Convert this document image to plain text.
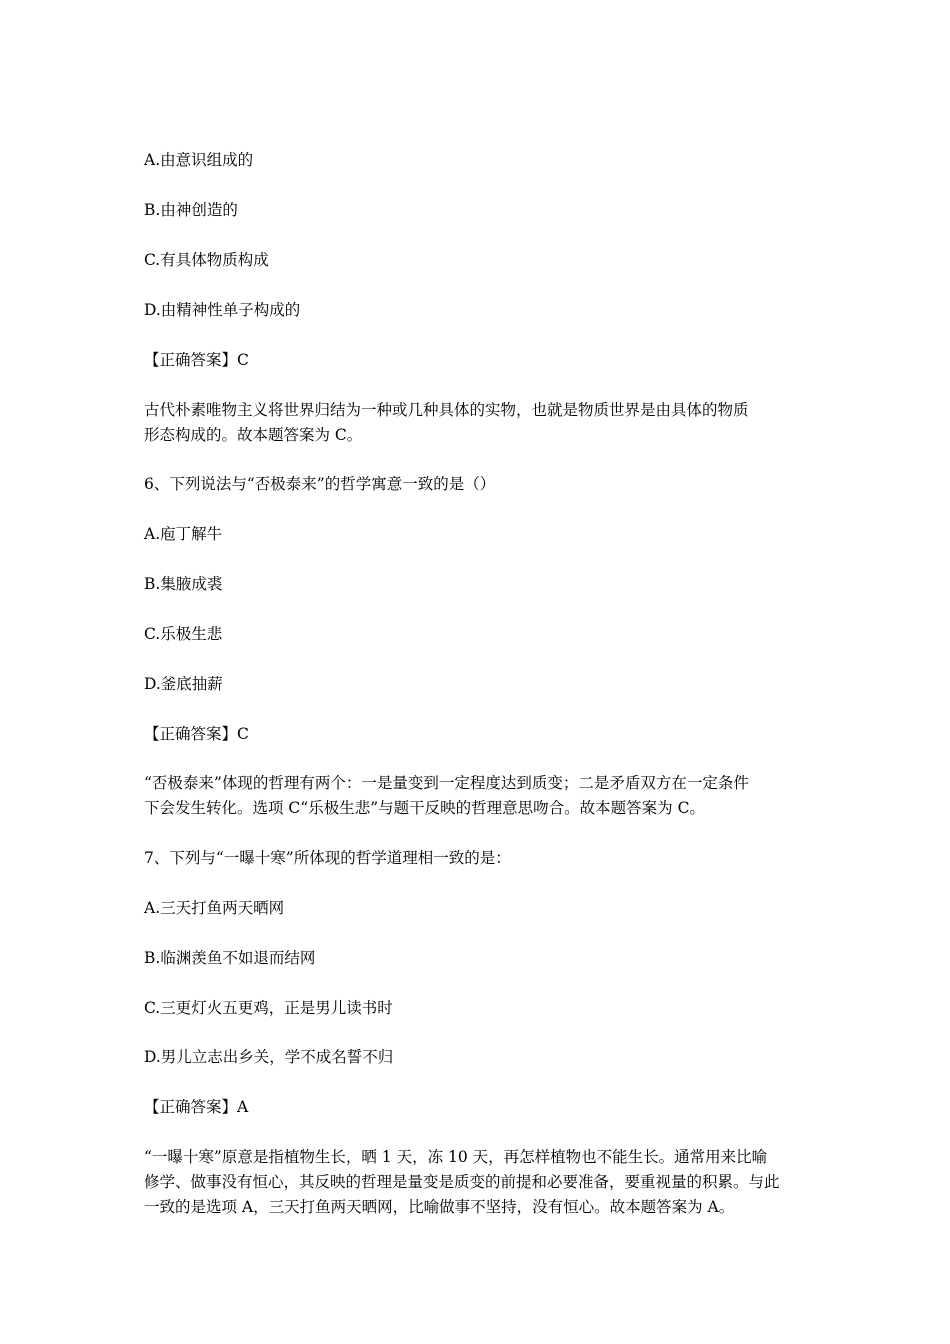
A.由意识组成的
B.由神创造的
C.有具体物质构成
D.由精神性单子构成的
【正确答案】C
古代朴素唯物主义将世界归结为一种或几种具体的实物，也就是物质世界是由具体的物质
形态构成的。故本题答案为 C。
6、下列说法与“否极泰来”的哲学寓意一致的是（）
A.庖丁解牛
B.集腋成裘
C.乐极生悲
D.釜底抽薪
【正确答案】C
“否极泰来”体现的哲理有两个：一是量变到一定程度达到质变；二是矛盾双方在一定条件
下会发生转化。选项 C“乐极生悲”与题干反映的哲理意思吻合。故本题答案为 C。
7、下列与“一曝十寒”所体现的哲学道理相一致的是：
A.三天打鱼两天晒网
B.临渊羡鱼不如退而结网
C.三更灯火五更鸡，正是男儿读书时
D.男儿立志出乡关，学不成名誓不归
【正确答案】A
“一曝十寒”原意是指植物生长，晒 1 天，冻 10 天，再怎样植物也不能生长。通常用来比喻
修学、做事没有恒心，其反映的哲理是量变是质变的前提和必要准备，要重视量的积累。与此
一致的是选项 A，三天打鱼两天晒网，比喻做事不坚持，没有恒心。故本题答案为 A。
